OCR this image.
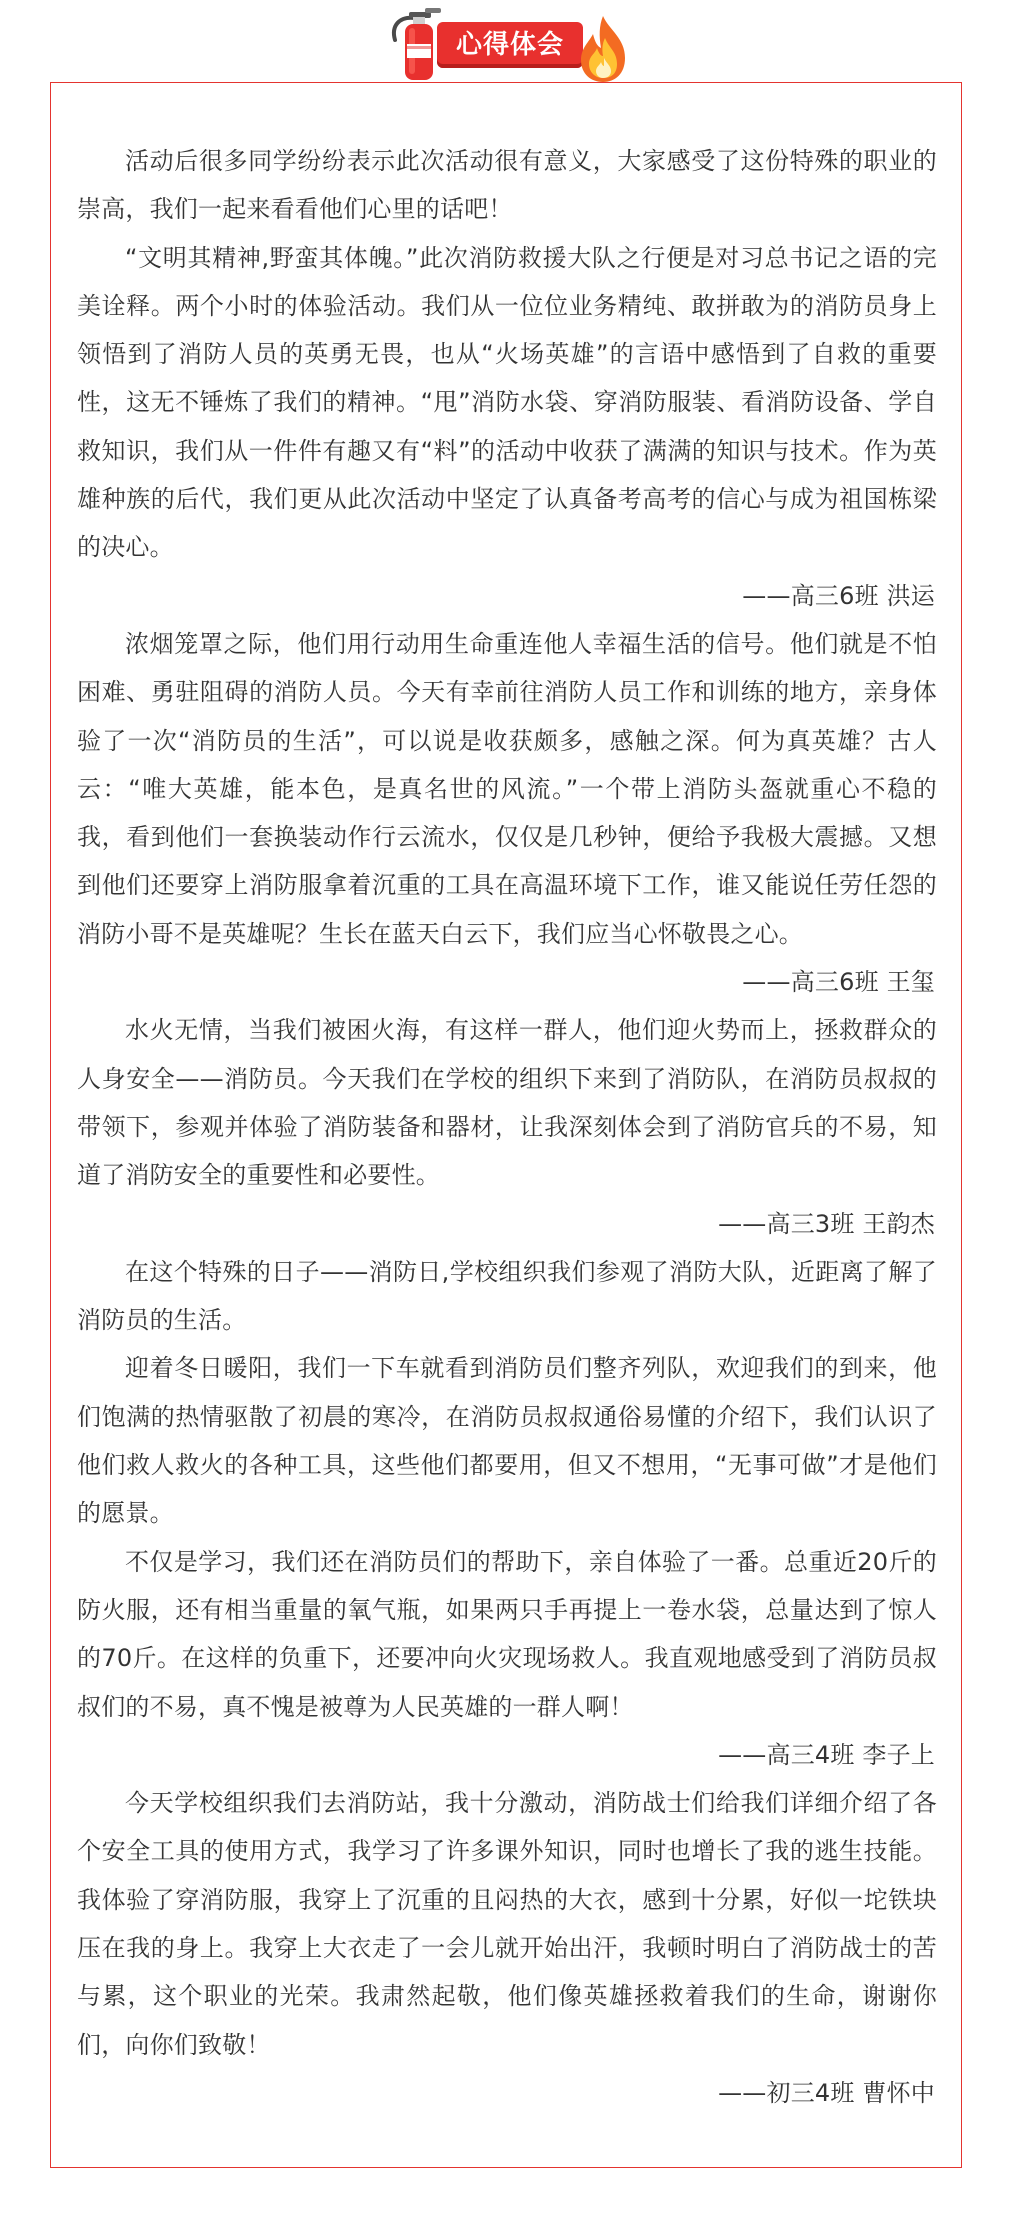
心得体会

活动后很多同学纷纷表示此次活动很有意义，大家感受了这份特殊的职业的崇高，我们一起来看看他们心里的话吧！

“文明其精神,野蛮其体魄。”此次消防救援大队之行便是对习总书记之语的完美诠释。两个小时的体验活动。我们从一位位业务精纯、敢拼敢为的消防员身上领悟到了消防人员的英勇无畏，也从“火场英雄”的言语中感悟到了自救的重要性，这无不锤炼了我们的精神。“甩”消防水袋、穿消防服装、看消防设备、学自救知识，我们从一件件有趣又有“料”的活动中收获了满满的知识与技术。作为英雄种族的后代，我们更从此次活动中坚定了认真备考高考的信心与成为祖国栋梁的决心。

——高三6班 洪运

浓烟笼罩之际，他们用行动用生命重连他人幸福生活的信号。他们就是不怕困难、勇驻阻碍的消防人员。今天有幸前往消防人员工作和训练的地方，亲身体验了一次“消防员的生活”，可以说是收获颇多，感触之深。何为真英雄？古人云：“唯大英雄，能本色，是真名世的风流。”一个带上消防头盔就重心不稳的我，看到他们一套换装动作行云流水，仅仅是几秒钟，便给予我极大震撼。又想到他们还要穿上消防服拿着沉重的工具在高温环境下工作，谁又能说任劳任怨的消防小哥不是英雄呢？生长在蓝天白云下，我们应当心怀敬畏之心。

——高三6班 王玺

水火无情，当我们被困火海，有这样一群人，他们迎火势而上，拯救群众的人身安全——消防员。今天我们在学校的组织下来到了消防队，在消防员叔叔的带领下，参观并体验了消防装备和器材，让我深刻体会到了消防官兵的不易，知道了消防安全的重要性和必要性。

——高三3班 王韵杰

在这个特殊的日子——消防日,学校组织我们参观了消防大队，近距离了解了消防员的生活。

迎着冬日暖阳，我们一下车就看到消防员们整齐列队，欢迎我们的到来，他们饱满的热情驱散了初晨的寒冷，在消防员叔叔通俗易懂的介绍下，我们认识了他们救人救火的各种工具，这些他们都要用，但又不想用，“无事可做”才是他们的愿景。

不仅是学习，我们还在消防员们的帮助下，亲自体验了一番。总重近20斤的防火服，还有相当重量的氧气瓶，如果两只手再提上一卷水袋，总量达到了惊人的70斤。在这样的负重下，还要冲向火灾现场救人。我直观地感受到了消防员叔叔们的不易，真不愧是被尊为人民英雄的一群人啊！

——高三4班 李子上

今天学校组织我们去消防站，我十分激动，消防战士们给我们详细介绍了各个安全工具的使用方式，我学习了许多课外知识，同时也增长了我的逃生技能。我体验了穿消防服，我穿上了沉重的且闷热的大衣，感到十分累，好似一坨铁块压在我的身上。我穿上大衣走了一会儿就开始出汗，我顿时明白了消防战士的苦与累，这个职业的光荣。我肃然起敬，他们像英雄拯救着我们的生命，谢谢你们，向你们致敬！

——初三4班 曹怀中
